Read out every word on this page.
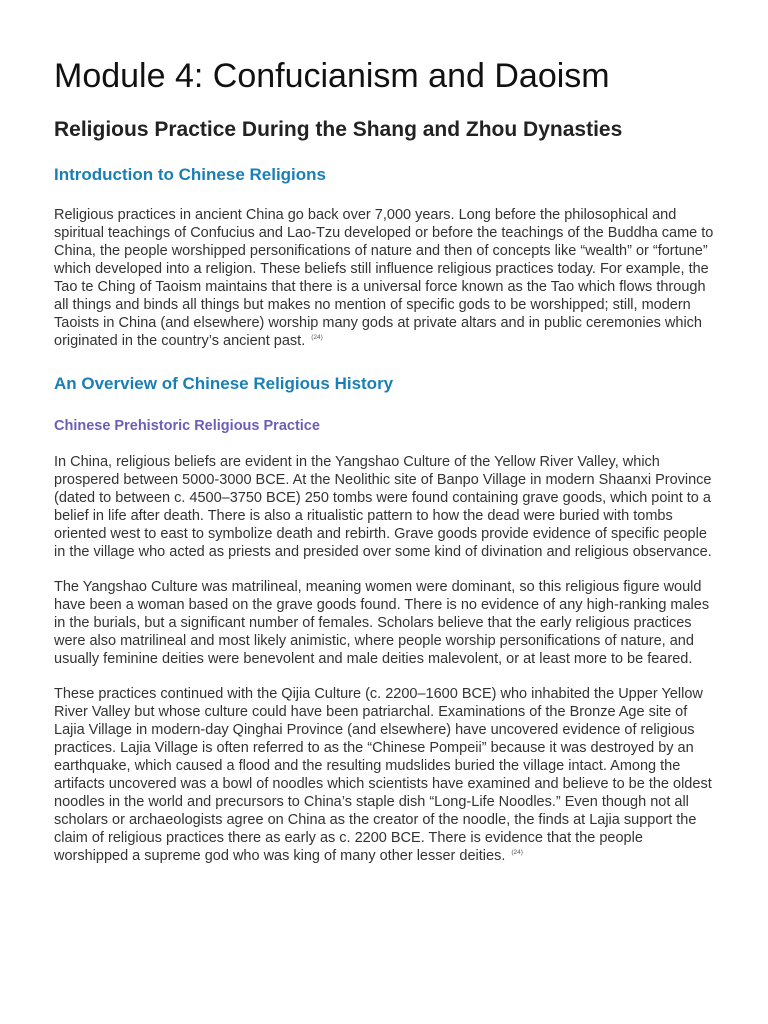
Module 4: Confucianism and Daoism
Religious Practice During the Shang and Zhou Dynasties
Introduction to Chinese Religions

Religious practices in ancient China go back over 7,000 years. Long before the philosophical and spiritual teachings of Confucius and Lao-Tzu developed or before the teachings of the Buddha came to China, the people worshipped personifications of nature and then of concepts like “wealth” or “fortune” which developed into a religion. These beliefs still influence religious practices today. For example, the Tao te Ching of Taoism maintains that there is a universal force known as the Tao which flows through all things and binds all things but makes no mention of specific gods to be worshipped; still, modern Taoists in China (and elsewhere) worship many gods at private altars and in public ceremonies which originated in the country’s ancient past. $^{(24)}$

An Overview of Chinese Religious History
Chinese Prehistoric Religious Practice

In China, religious beliefs are evident in the Yangshao Culture of the Yellow River Valley, which prospered between 5000-3000 BCE. At the Neolithic site of Banpo Village in modern Shaanxi Province (dated to between c. 4500–3750 BCE) 250 tombs were found containing grave goods, which point to a belief in life after death. There is also a ritualistic pattern to how the dead were buried with tombs oriented west to east to symbolize death and rebirth. Grave goods provide evidence of specific people in the village who acted as priests and presided over some kind of divination and religious observance.

The Yangshao Culture was matrilineal, meaning women were dominant, so this religious figure would have been a woman based on the grave goods found. There is no evidence of any high-ranking males in the burials, but a significant number of females. Scholars believe that the early religious practices were also matrilineal and most likely animistic, where people worship personifications of nature, and usually feminine deities were benevolent and male deities malevolent, or at least more to be feared.

These practices continued with the Qijia Culture (c. 2200–1600 BCE) who inhabited the Upper Yellow River Valley but whose culture could have been patriarchal. Examinations of the Bronze Age site of Lajia Village in modern-day Qinghai Province (and elsewhere) have uncovered evidence of religious practices. Lajia Village is often referred to as the “Chinese Pompeii” because it was destroyed by an earthquake, which caused a flood and the resulting mudslides buried the village intact. Among the artifacts uncovered was a bowl of noodles which scientists have examined and believe to be the oldest noodles in the world and precursors to China’s staple dish “Long-Life Noodles.” Even though not all scholars or archaeologists agree on China as the creator of the noodle, the finds at Lajia support the claim of religious practices there as early as c. 2200 BCE. There is evidence that the people worshipped a supreme god who was king of many other lesser deities. $^{(24)}$
